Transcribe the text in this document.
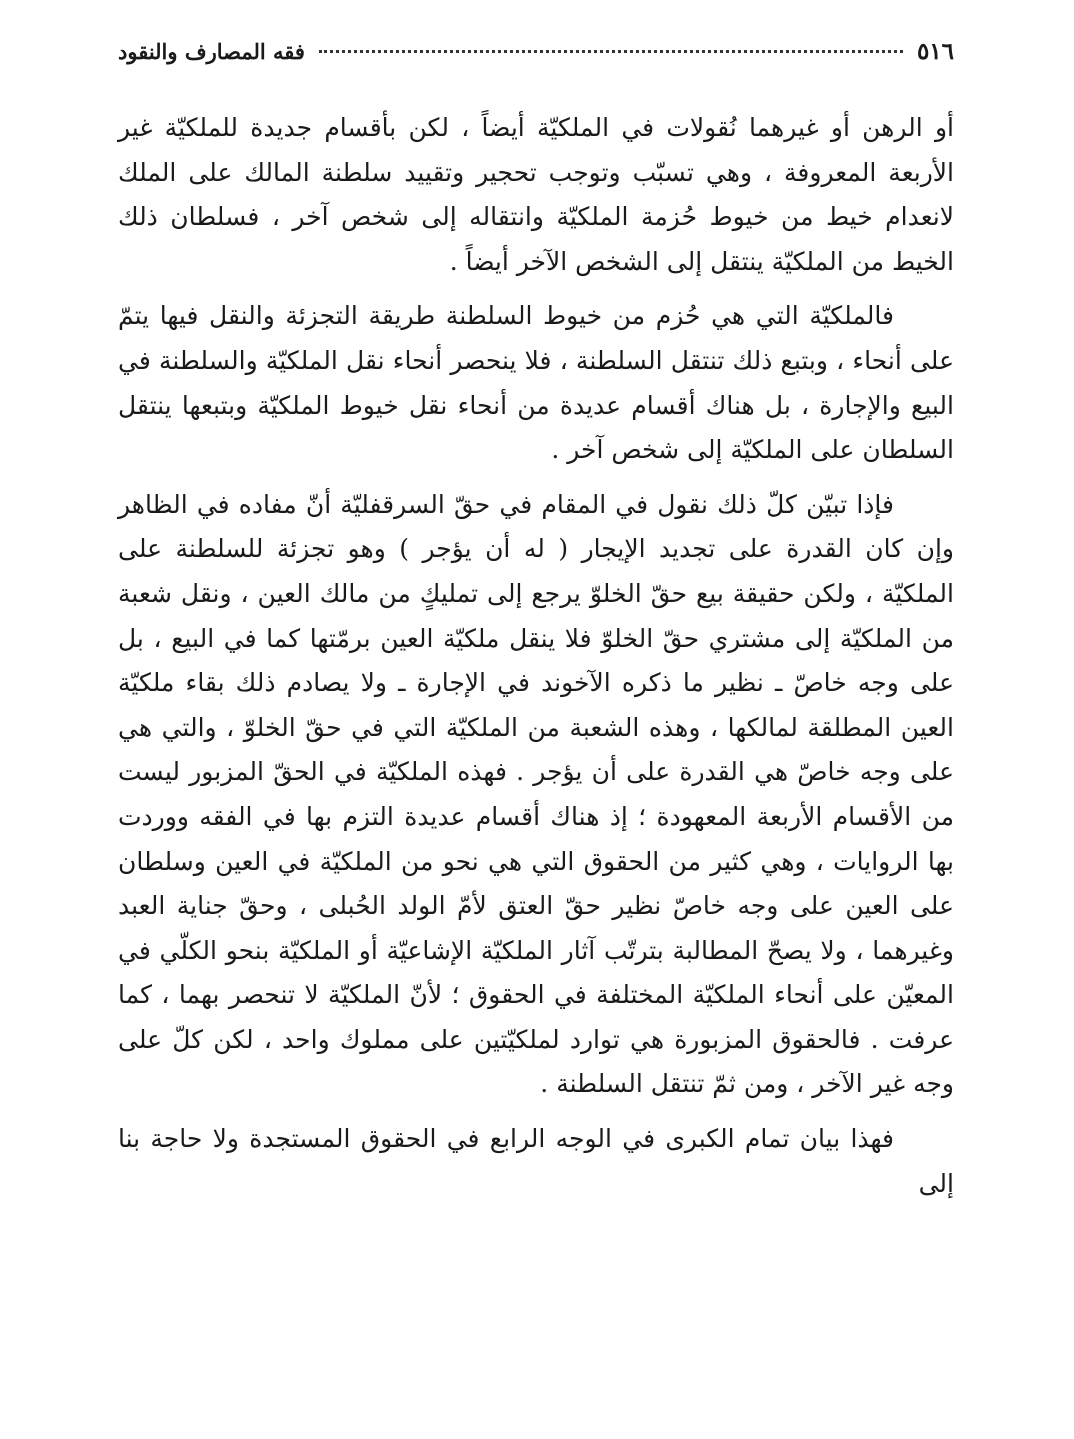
٥١٦
فقه المصارف والنقود

أو الرهن أو غيرهما نُقولات في الملكيّة أيضاً ، لكن بأقسام جديدة للملكيّة غير الأربعة المعروفة ، وهي تسبّب وتوجب تحجير وتقييد سلطنة المالك على الملك لانعدام خيط من خيوط حُزمة الملكيّة وانتقاله إلى شخص آخر ، فسلطان ذلك الخيط من الملكيّة ينتقل إلى الشخص الآخر أيضاً .

فالملكيّة التي هي حُزم من خيوط السلطنة طريقة التجزئة والنقل فيها يتمّ على أنحاء ، وبتبع ذلك تنتقل السلطنة ، فلا ينحصر أنحاء نقل الملكيّة والسلطنة في البيع والإجارة ، بل هناك أقسام عديدة من أنحاء نقل خيوط الملكيّة وبتبعها ينتقل السلطان على الملكيّة إلى شخص آخر .

فإذا تبيّن كلّ ذلك نقول في المقام في حقّ السرقفليّة أنّ مفاده في الظاهر وإن كان القدرة على تجديد الإيجار ( له أن يؤجر ) وهو تجزئة للسلطنة على الملكيّة ، ولكن حقيقة بيع حقّ الخلوّ يرجع إلى تمليكٍ من مالك العين ، ونقل شعبة من الملكيّة إلى مشتري حقّ الخلوّ فلا ينقل ملكيّة العين برمّتها كما في البيع ، بل على وجه خاصّ ـ نظير ما ذكره الآخوند في الإجارة ـ ولا يصادم ذلك بقاء ملكيّة العين المطلقة لمالكها ، وهذه الشعبة من الملكيّة التي في حقّ الخلوّ ، والتي هي على وجه خاصّ هي القدرة على أن يؤجر . فهذه الملكيّة في الحقّ المزبور ليست من الأقسام الأربعة المعهودة ؛ إذ هناك أقسام عديدة التزم بها في الفقه ووردت بها الروايات ، وهي كثير من الحقوق التي هي نحو من الملكيّة في العين وسلطان على العين على وجه خاصّ نظير حقّ العتق لأمّ الولد الحُبلى ، وحقّ جناية العبد وغيرهما ، ولا يصحّ المطالبة بترتّب آثار الملكيّة الإشاعيّة أو الملكيّة بنحو الكلّي في المعيّن على أنحاء الملكيّة المختلفة في الحقوق ؛ لأنّ الملكيّة لا تنحصر بهما ، كما عرفت . فالحقوق المزبورة هي توارد لملكيّتين على مملوك واحد ، لكن كلّ على وجه غير الآخر ، ومن ثمّ تنتقل السلطنة .

فهذا بيان تمام الكبرى في الوجه الرابع في الحقوق المستجدة ولا حاجة بنا إلى
